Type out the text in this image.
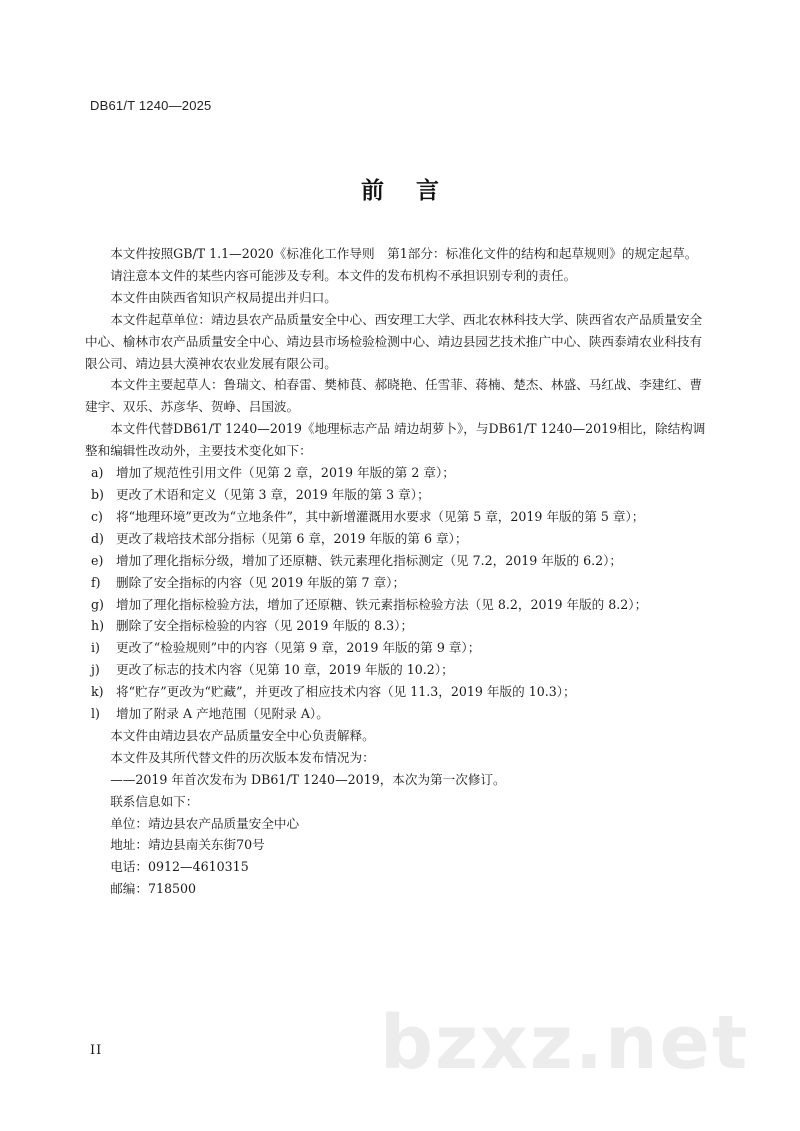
DB61/T 1240—2025
前言

本文件按照GB/T 1.1—2020《标准化工作导则　第1部分：标准化文件的结构和起草规则》的规定起草。

请注意本文件的某些内容可能涉及专利。本文件的发布机构不承担识别专利的责任。

本文件由陕西省知识产权局提出并归口。

本文件起草单位：靖边县农产品质量安全中心、西安理工大学、西北农林科技大学、陕西省农产品质量安全中心、榆林市农产品质量安全中心、靖边县市场检验检测中心、靖边县园艺技术推广中心、陕西泰靖农业科技有限公司、靖边县大漠神农农业发展有限公司。

本文件主要起草人：鲁瑞文、柏春雷、樊柿茛、郝晓艳、任雪菲、蒋楠、楚杰、林盛、马红战、李建红、曹建宇、双乐、苏彦华、贺峥、吕国波。

本文件代替DB61/T 1240—2019《地理标志产品 靖边胡萝卜》，与DB61/T 1240—2019相比，除结构调整和编辑性改动外，主要技术变化如下：

a) 增加了规范性引用文件（见第 2 章，2019 年版的第 2 章）；
b) 更改了术语和定义（见第 3 章，2019 年版的第 3 章）；
c)	将“地理环境”更改为“立地条件”，其中新增灌溉用水要求（见第 5 章，2019 年版的第 5 章）；
d) 更改了栽培技术部分指标（见第 6 章，2019 年版的第 6 章）；
e)	增加了理化指标分级，增加了还原糖、铁元素理化指标测定（见 7.2，2019 年版的 6.2）；
f)	删除了安全指标的内容（见 2019 年版的第 7 章）；
g) 增加了理化指标检验方法，增加了还原糖、铁元素指标检验方法（见 8.2，2019 年版的 8.2）；
h) 删除了安全指标检验的内容（见 2019 年版的 8.3）；
i)	更改了“检验规则”中的内容（见第 9 章，2019 年版的第 9 章）；
j)	更改了标志的技术内容（见第 10 章，2019 年版的 10.2）；
k) 将“贮存”更改为“贮藏”，并更改了相应技术内容（见 11.3，2019 年版的 10.3）；
l)	增加了附录 A 产地范围（见附录 A）。

本文件由靖边县农产品质量安全中心负责解释。

本文件及其所代替文件的历次版本发布情况为：

——2019 年首次发布为 DB61/T 1240—2019，本次为第一次修订。

联系信息如下：

单位：靖边县农产品质量安全中心

地址：靖边县南关东街70号

电话：0912—4610315

邮编：718500

bzxz.net
II
